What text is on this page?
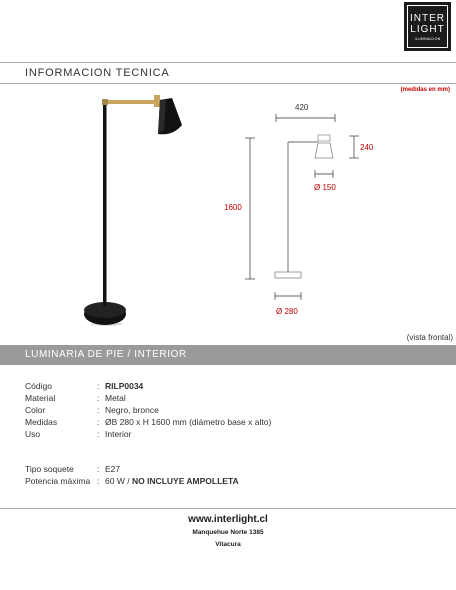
INTER
LIGHT
ILUMINACION
INFORMACION TECNICA
(medidas en mm)
420
240
Ø 150
1600
Ø 280
(vista frontal)
LUMINARIA DE PIE / INTERIOR
Código	: RILP0034
Material	: Metal
Color	: Negro, bronce
Medidas	: ØB 280 x H 1600 mm (diámetro base x alto)
Uso	: Interior
Tipo soquete	: E27
Potencia máxima : 60 W / NO INCLUYE AMPOLLETA
www.interlight.cl
Manquehue Norte 1385
Vitacura
